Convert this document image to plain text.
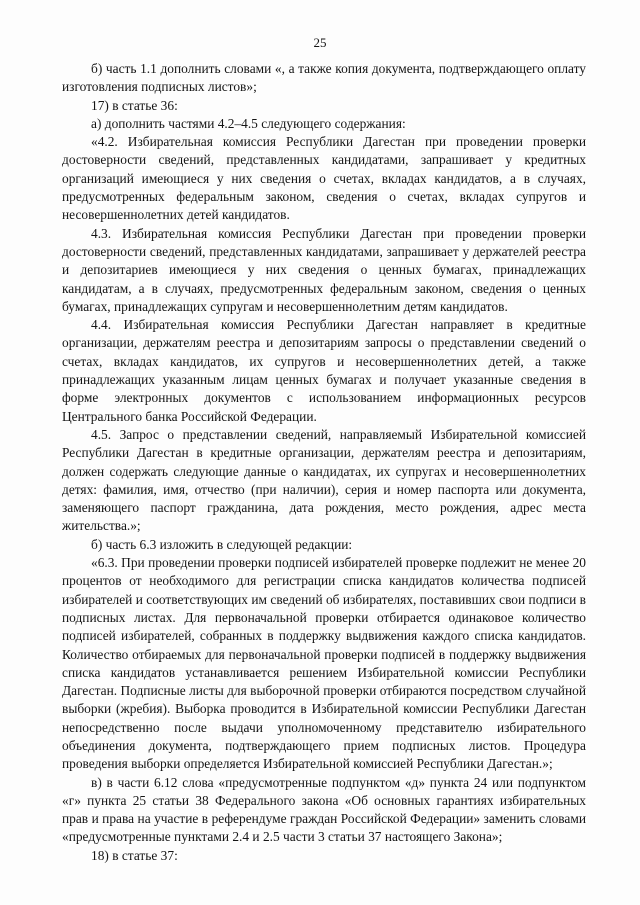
25

б) часть 1.1 дополнить словами «, а также копия документа, подтверждающего оплату изготовления подписных листов»;

17) в статье 36:

а) дополнить частями 4.2–4.5 следующего содержания:

«4.2. Избирательная комиссия Республики Дагестан при проведении проверки достоверности сведений, представленных кандидатами, запрашивает у кредитных организаций имеющиеся у них сведения о счетах, вкладах кандидатов, а в случаях, предусмотренных федеральным законом, сведения о счетах, вкладах супругов и несовершеннолетних детей кандидатов.

4.3. Избирательная комиссия Республики Дагестан при проведении проверки достоверности сведений, представленных кандидатами, запрашивает у держателей реестра и депозитариев имеющиеся у них сведения о ценных бумагах, принадлежащих кандидатам, а в случаях, предусмотренных федеральным законом, сведения о ценных бумагах, принадлежащих супругам и несовершеннолетним детям кандидатов.

4.4. Избирательная комиссия Республики Дагестан направляет в кредитные организации, держателям реестра и депозитариям запросы о представлении сведений о счетах, вкладах кандидатов, их супругов и несовершеннолетних детей, а также принадлежащих указанным лицам ценных бумагах и получает указанные сведения в форме электронных документов с использованием информационных ресурсов Центрального банка Российской Федерации.

4.5. Запрос о представлении сведений, направляемый Избирательной комиссией Республики Дагестан в кредитные организации, держателям реестра и депозитариям, должен содержать следующие данные о кандидатах, их супругах и несовершеннолетних детях: фамилия, имя, отчество (при наличии), серия и номер паспорта или документа, заменяющего паспорт гражданина, дата рождения, место рождения, адрес места жительства.»;

б) часть 6.3 изложить в следующей редакции:

«6.3. При проведении проверки подписей избирателей проверке подлежит не менее 20 процентов от необходимого для регистрации списка кандидатов количества подписей избирателей и соответствующих им сведений об избирателях, поставивших свои подписи в подписных листах. Для первоначальной проверки отбирается одинаковое количество подписей избирателей, собранных в поддержку выдвижения каждого списка кандидатов. Количество отбираемых для первоначальной проверки подписей в поддержку выдвижения списка кандидатов устанавливается решением Избирательной комиссии Республики Дагестан. Подписные листы для выборочной проверки отбираются посредством случайной выборки (жребия). Выборка проводится в Избирательной комиссии Республики Дагестан непосредственно после выдачи уполномоченному представителю избирательного объединения документа, подтверждающего прием подписных листов. Процедура проведения выборки определяется Избирательной комиссией Республики Дагестан.»;

в) в части 6.12 слова «предусмотренные подпунктом «д» пункта 24 или подпунктом «г» пункта 25 статьи 38 Федерального закона «Об основных гарантиях избирательных прав и права на участие в референдуме граждан Российской Федерации» заменить словами «предусмотренные пунктами 2.4 и 2.5 части 3 статьи 37 настоящего Закона»;

18) в статье 37:
